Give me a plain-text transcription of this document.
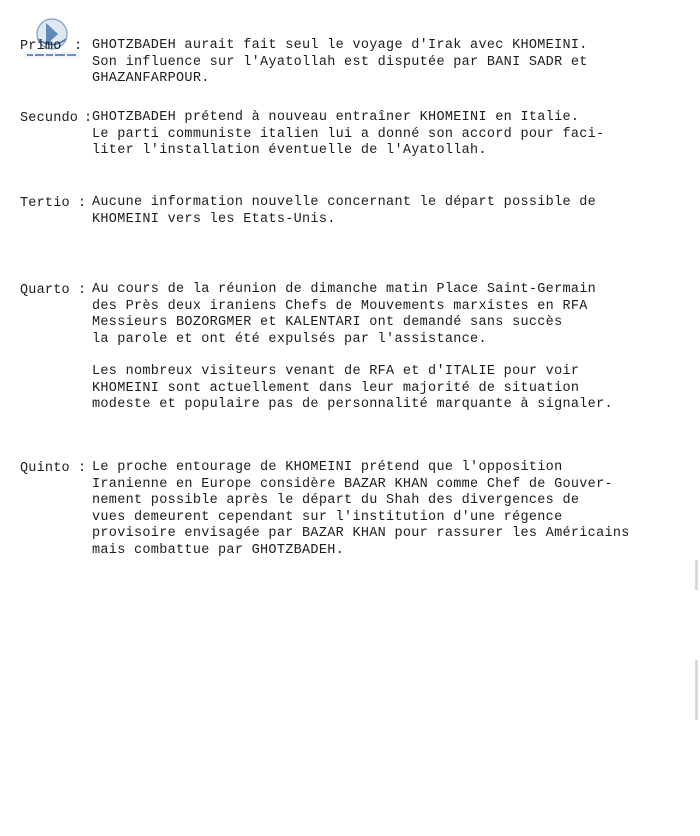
Primo : GHOTZBADEH aurait fait seul le voyage d'Irak avec KHOMEINI.
Son influence sur l'Ayatollah est disputée par BANI SADR et
GHAZANFARPOUR.
Secundo : GHOTZBADEH prétend à nouveau entraîner KHOMEINI en Italie.
Le parti communiste italien lui a donné son accord pour faci-
liter l'installation éventuelle de l'Ayatollah.
Tertio : Aucune information nouvelle concernant le départ possible de
KHOMEINI vers les Etats-Unis.
Quarto : Au cours de la réunion de dimanche matin Place Saint-Germain
des Près deux iraniens Chefs de Mouvements marxistes en RFA
Messieurs BOZORGMER et KALENTARI ont demandé sans succès
la parole et ont été expulsés par l'assistance.
Les nombreux visiteurs venant de RFA et d'ITALIE pour voir
KHOMEINI sont actuellement dans leur majorité de situation
modeste et populaire pas de personnalité marquante à signaler.
Quinto : Le proche entourage de KHOMEINI prétend que l'opposition
Iranienne en Europe considère BAZAR KHAN comme Chef de Gouver-
nement possible après le départ du Shah des divergences de
vues demeurent cependant sur l'institution d'une régence
provisoire envisagée par BAZAR KHAN pour rassurer les Américains
mais combattue par GHOTZBADEH.
